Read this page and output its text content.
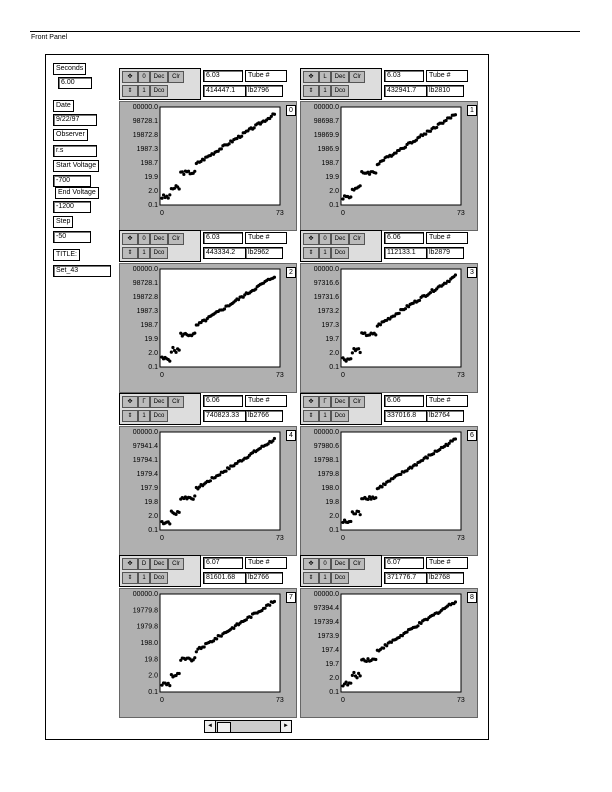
Front Panel
Seconds
6.00
Date
9/22/97
Observer
r.s
Start Voltage
-700
End Voltage
-1200
Step
-50
TITLE:
Set_43
✥	0	Dec	Clr
⇕	1	Dco
6.03	Tube #
414447.1	lb2796
0
00000.0
98728.1
19872.8
1987.3
198.7
19.9
2.0
0.1
0	73
✥	L	Dec	Clr
⇕	1	Dco
6.03	Tube #
432941.7	lb2810
1
00000.0
98698.7
19869.9
1986.9
198.7
19.9
2.0
0.1
0	73
✥	0	Dec	Clr
⇕	1	Dco
6.03	Tube #
443334.2	lb2962
2
00000.0
98728.1
19872.8
1987.3
198.7
19.9
2.0
0.1
0	73
✥	0	Dec	Clr
⇕	1	Dco
6.06	Tube #
112133.1	lb2879
3
00000.0
97316.6
19731.6
1973.2
197.3
19.7
2.0
0.1
0	73
✥	Γ	Dec	Clr
⇕	1	Dco
6.06	Tube #
740823.33	lb2766
4
00000.0
97941.4
19794.1
1979.4
197.9
19.8
2.0
0.1
0	73
✥	Γ	Dec	Clr
⇕	1	Dco
6.06	Tube #
337016.8	lb2764
6
00000.0
97980.6
19798.1
1979.8
198.0
19.8
2.0
0.1
0	73
✥	D	Dec	Clr
⇕	1	Dco
6.07	Tube #
81601.68	lb2766
7
00000.0
19779.8
1979.8
198.0
19.8
2.0
0.1
0	73
✥	0	Dec	Clr
⇕	1	Dco
6.07	Tube #
371776.7	lb2768
8
00000.0
97394.4
19739.4
1973.9
197.4
19.7
2.0
0.1
0	73
◄	►
